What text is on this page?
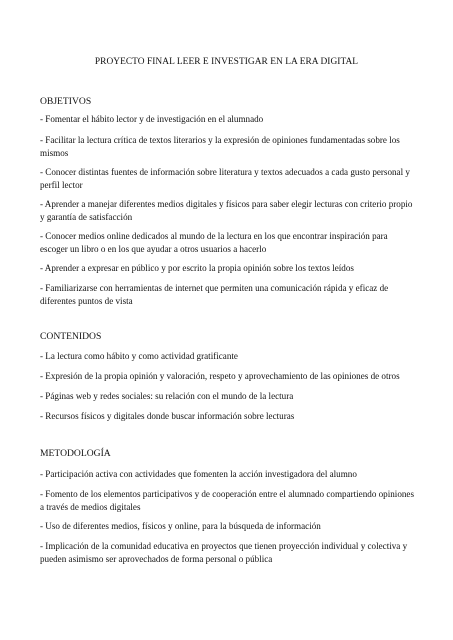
PROYECTO FINAL LEER E INVESTIGAR EN LA ERA DIGITAL
OBJETIVOS
- Fomentar el hábito lector y de investigación en el alumnado
- Facilitar la lectura crítica de textos literarios y la expresión de opiniones fundamentadas sobre los mismos
- Conocer distintas fuentes de información sobre literatura y textos adecuados a cada gusto personal y perfil lector
- Aprender a manejar diferentes medios digitales y físicos para saber elegir lecturas con criterio propio y garantía de satisfacción
- Conocer medios online dedicados al mundo de la lectura en los que encontrar inspiración para escoger un libro o en los que ayudar a otros usuarios a hacerlo
- Aprender a expresar en público y por escrito la propia opinión sobre los textos leídos
- Familiarizarse con herramientas de internet que permiten una comunicación rápida y eficaz de diferentes puntos de vista
CONTENIDOS
- La lectura como hábito y como actividad gratificante
- Expresión de la propia opinión y valoración, respeto y aprovechamiento de las opiniones de otros
- Páginas web y redes sociales: su relación con el mundo de la lectura
- Recursos físicos y digitales donde buscar información sobre lecturas
METODOLOGÍA
- Participación activa con actividades que fomenten la acción investigadora del alumno
- Fomento de los elementos participativos y de cooperación entre el alumnado compartiendo opiniones a través de medios digitales
- Uso de diferentes medios, físicos y online, para la búsqueda de información
- Implicación de la comunidad educativa en proyectos que tienen proyección individual y colectiva y pueden asimismo ser aprovechados de forma personal o pública
